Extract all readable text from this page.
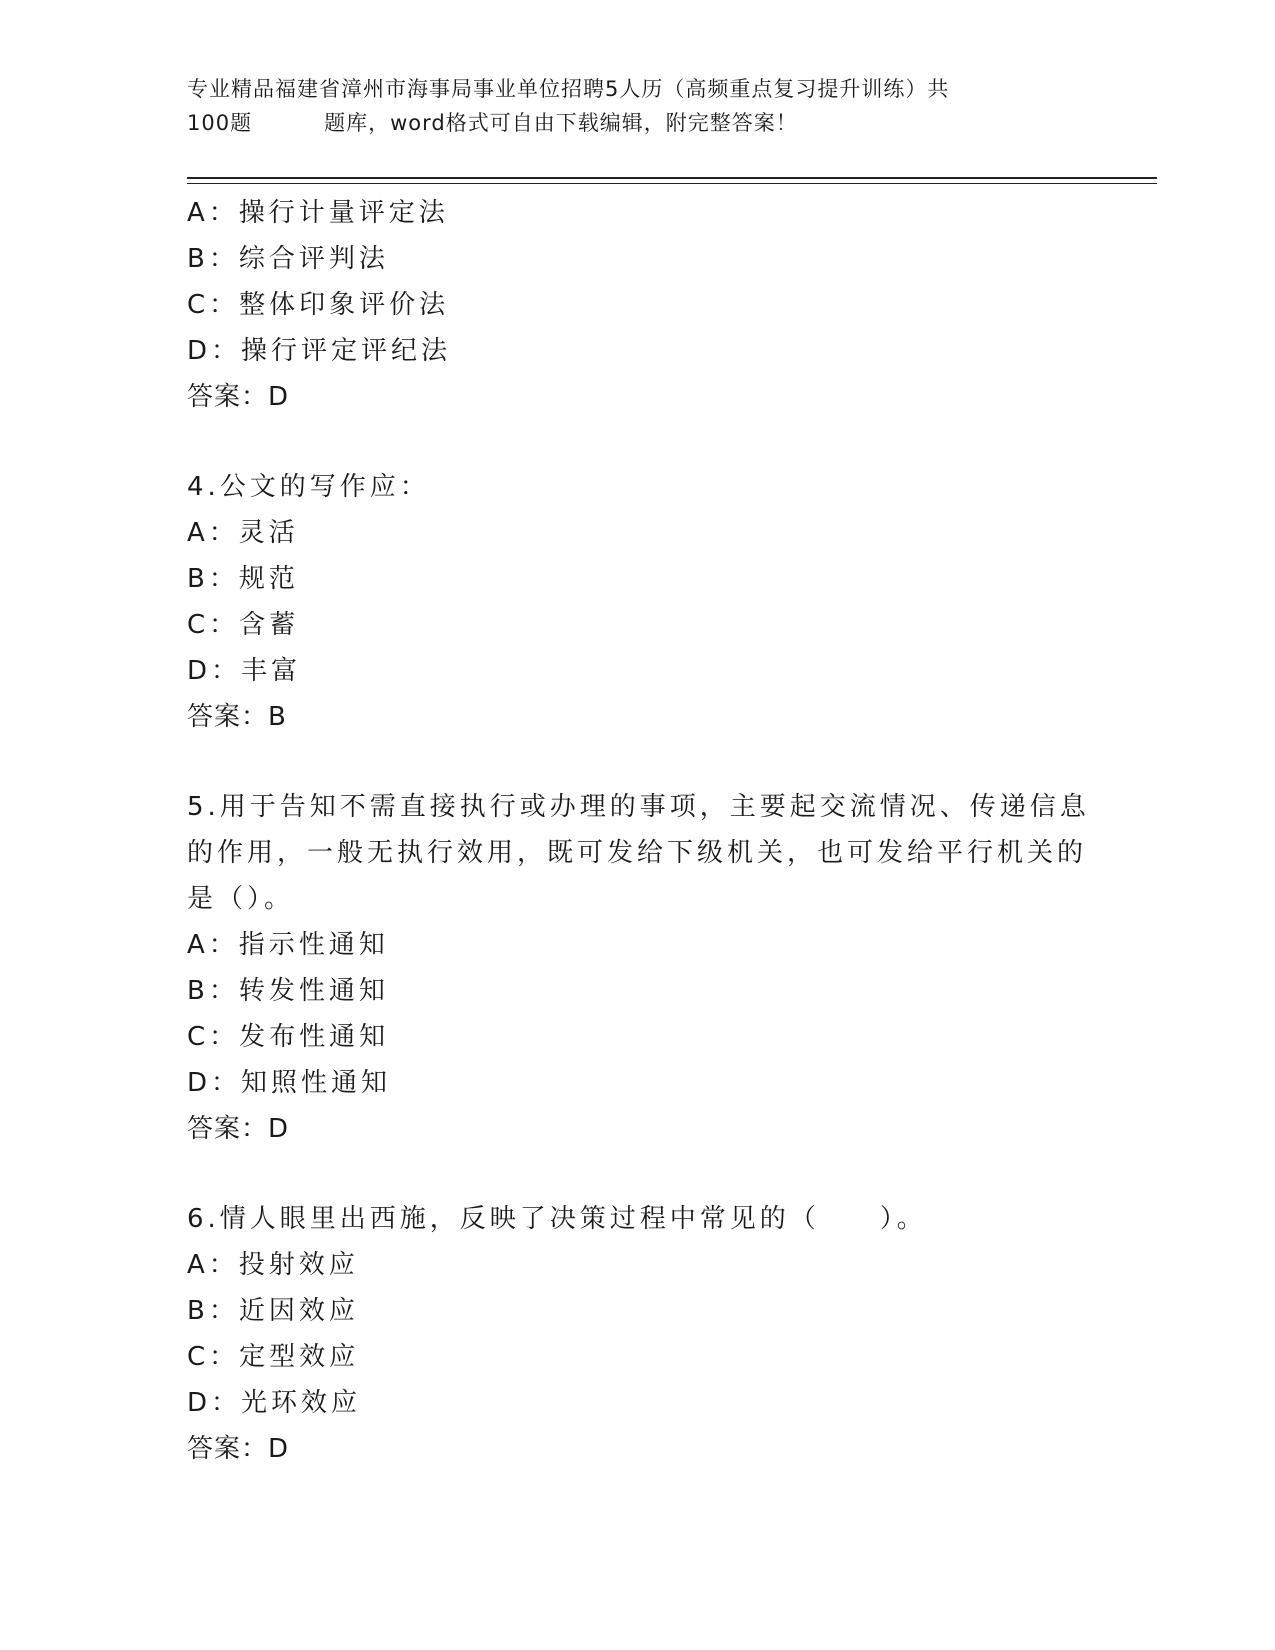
专业精品福建省漳州市海事局事业单位招聘5人历（高频重点复习提升训练）共
100题	题库，word格式可自由下载编辑，附完整答案！
A：操行计量评定法
B：综合评判法
C：整体印象评价法
D：操行评定评纪法
答案：D
4.公文的写作应：
A：灵活
B：规范
C：含蓄
D：丰富
答案：B
5.用于告知不需直接执行或办理的事项，主要起交流情况、传递信息
的作用，一般无执行效用，既可发给下级机关，也可发给平行机关的
是（）。
A：指示性通知
B：转发性通知
C：发布性通知
D：知照性通知
答案：D
6.情人眼里出西施，反映了决策过程中常见的（　　）。
A：投射效应
B：近因效应
C：定型效应
D：光环效应
答案：D
